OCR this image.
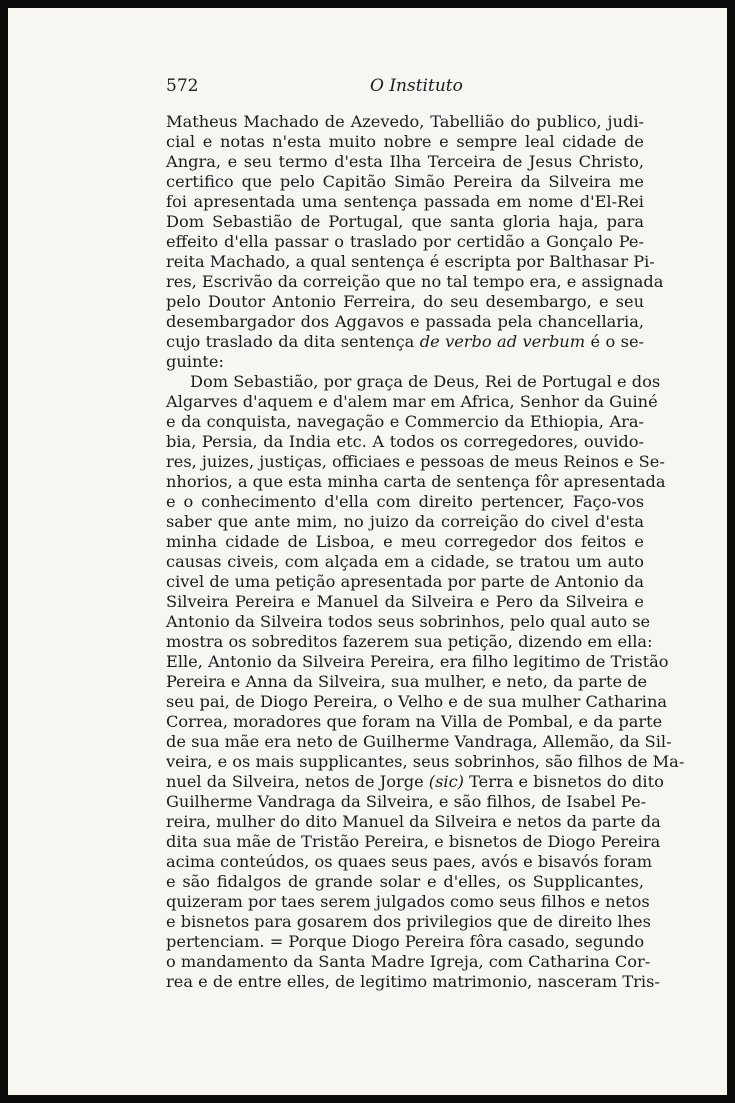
572	O Instituto
Matheus Machado de Azevedo, Tabellião do publico, judi-
cial e notas n'esta muito nobre e sempre leal cidade de
Angra, e seu termo d'esta Ilha Terceira de Jesus Christo,
certifico que pelo Capitão Simão Pereira da Silveira me
foi apresentada uma sentença passada em nome d'El-Rei
Dom Sebastião de Portugal, que santa gloria haja, para
effeito d'ella passar o traslado por certidão a Gonçalo Pe-
reita Machado, a qual sentença é escripta por Balthasar Pi-
res, Escrivão da correição que no tal tempo era, e assignada
pelo Doutor Antonio Ferreira, do seu desembargo, e seu
desembargador dos Aggavos e passada pela chancellaria,
cujo traslado da dita sentença de verbo ad verbum é o se-
guinte:
Dom Sebastião, por graça de Deus, Rei de Portugal e dos
Algarves d'aquem e d'alem mar em Africa, Senhor da Guiné
e da conquista, navegação e Commercio da Ethiopia, Ara-
bia, Persia, da India etc. A todos os corregedores, ouvido-
res, juizes, justiças, officiaes e pessoas de meus Reinos e Se-
nhorios, a que esta minha carta de sentença fôr apresentada
e o conhecimento d'ella com direito pertencer, Faço-vos
saber que ante mim, no juizo da correição do civel d'esta
minha cidade de Lisboa, e meu corregedor dos feitos e
causas civeis, com alçada em a cidade, se tratou um auto
civel de uma petição apresentada por parte de Antonio da
Silveira Pereira e Manuel da Silveira e Pero da Silveira e
Antonio da Silveira todos seus sobrinhos, pelo qual auto se
mostra os sobreditos fazerem sua petição, dizendo em ella:
Elle, Antonio da Silveira Pereira, era filho legitimo de Tristão
Pereira e Anna da Silveira, sua mulher, e neto, da parte de
seu pai, de Diogo Pereira, o Velho e de sua mulher Catharina
Correa, moradores que foram na Villa de Pombal, e da parte
de sua mãe era neto de Guilherme Vandraga, Allemão, da Sil-
veira, e os mais supplicantes, seus sobrinhos, são filhos de Ma-
nuel da Silveira, netos de Jorge (sic) Terra e bisnetos do dito
Guilherme Vandraga da Silveira, e são filhos, de Isabel Pe-
reira, mulher do dito Manuel da Silveira e netos da parte da
dita sua mãe de Tristão Pereira, e bisnetos de Diogo Pereira
acima conteúdos, os quaes seus paes, avós e bisavós foram
e são fidalgos de grande solar e d'elles, os Supplicantes,
quizeram por taes serem julgados como seus filhos e netos
e bisnetos para gosarem dos privilegios que de direito lhes
pertenciam. = Porque Diogo Pereira fôra casado, segundo
o mandamento da Santa Madre Igreja, com Catharina Cor-
rea e de entre elles, de legitimo matrimonio, nasceram Tris-
